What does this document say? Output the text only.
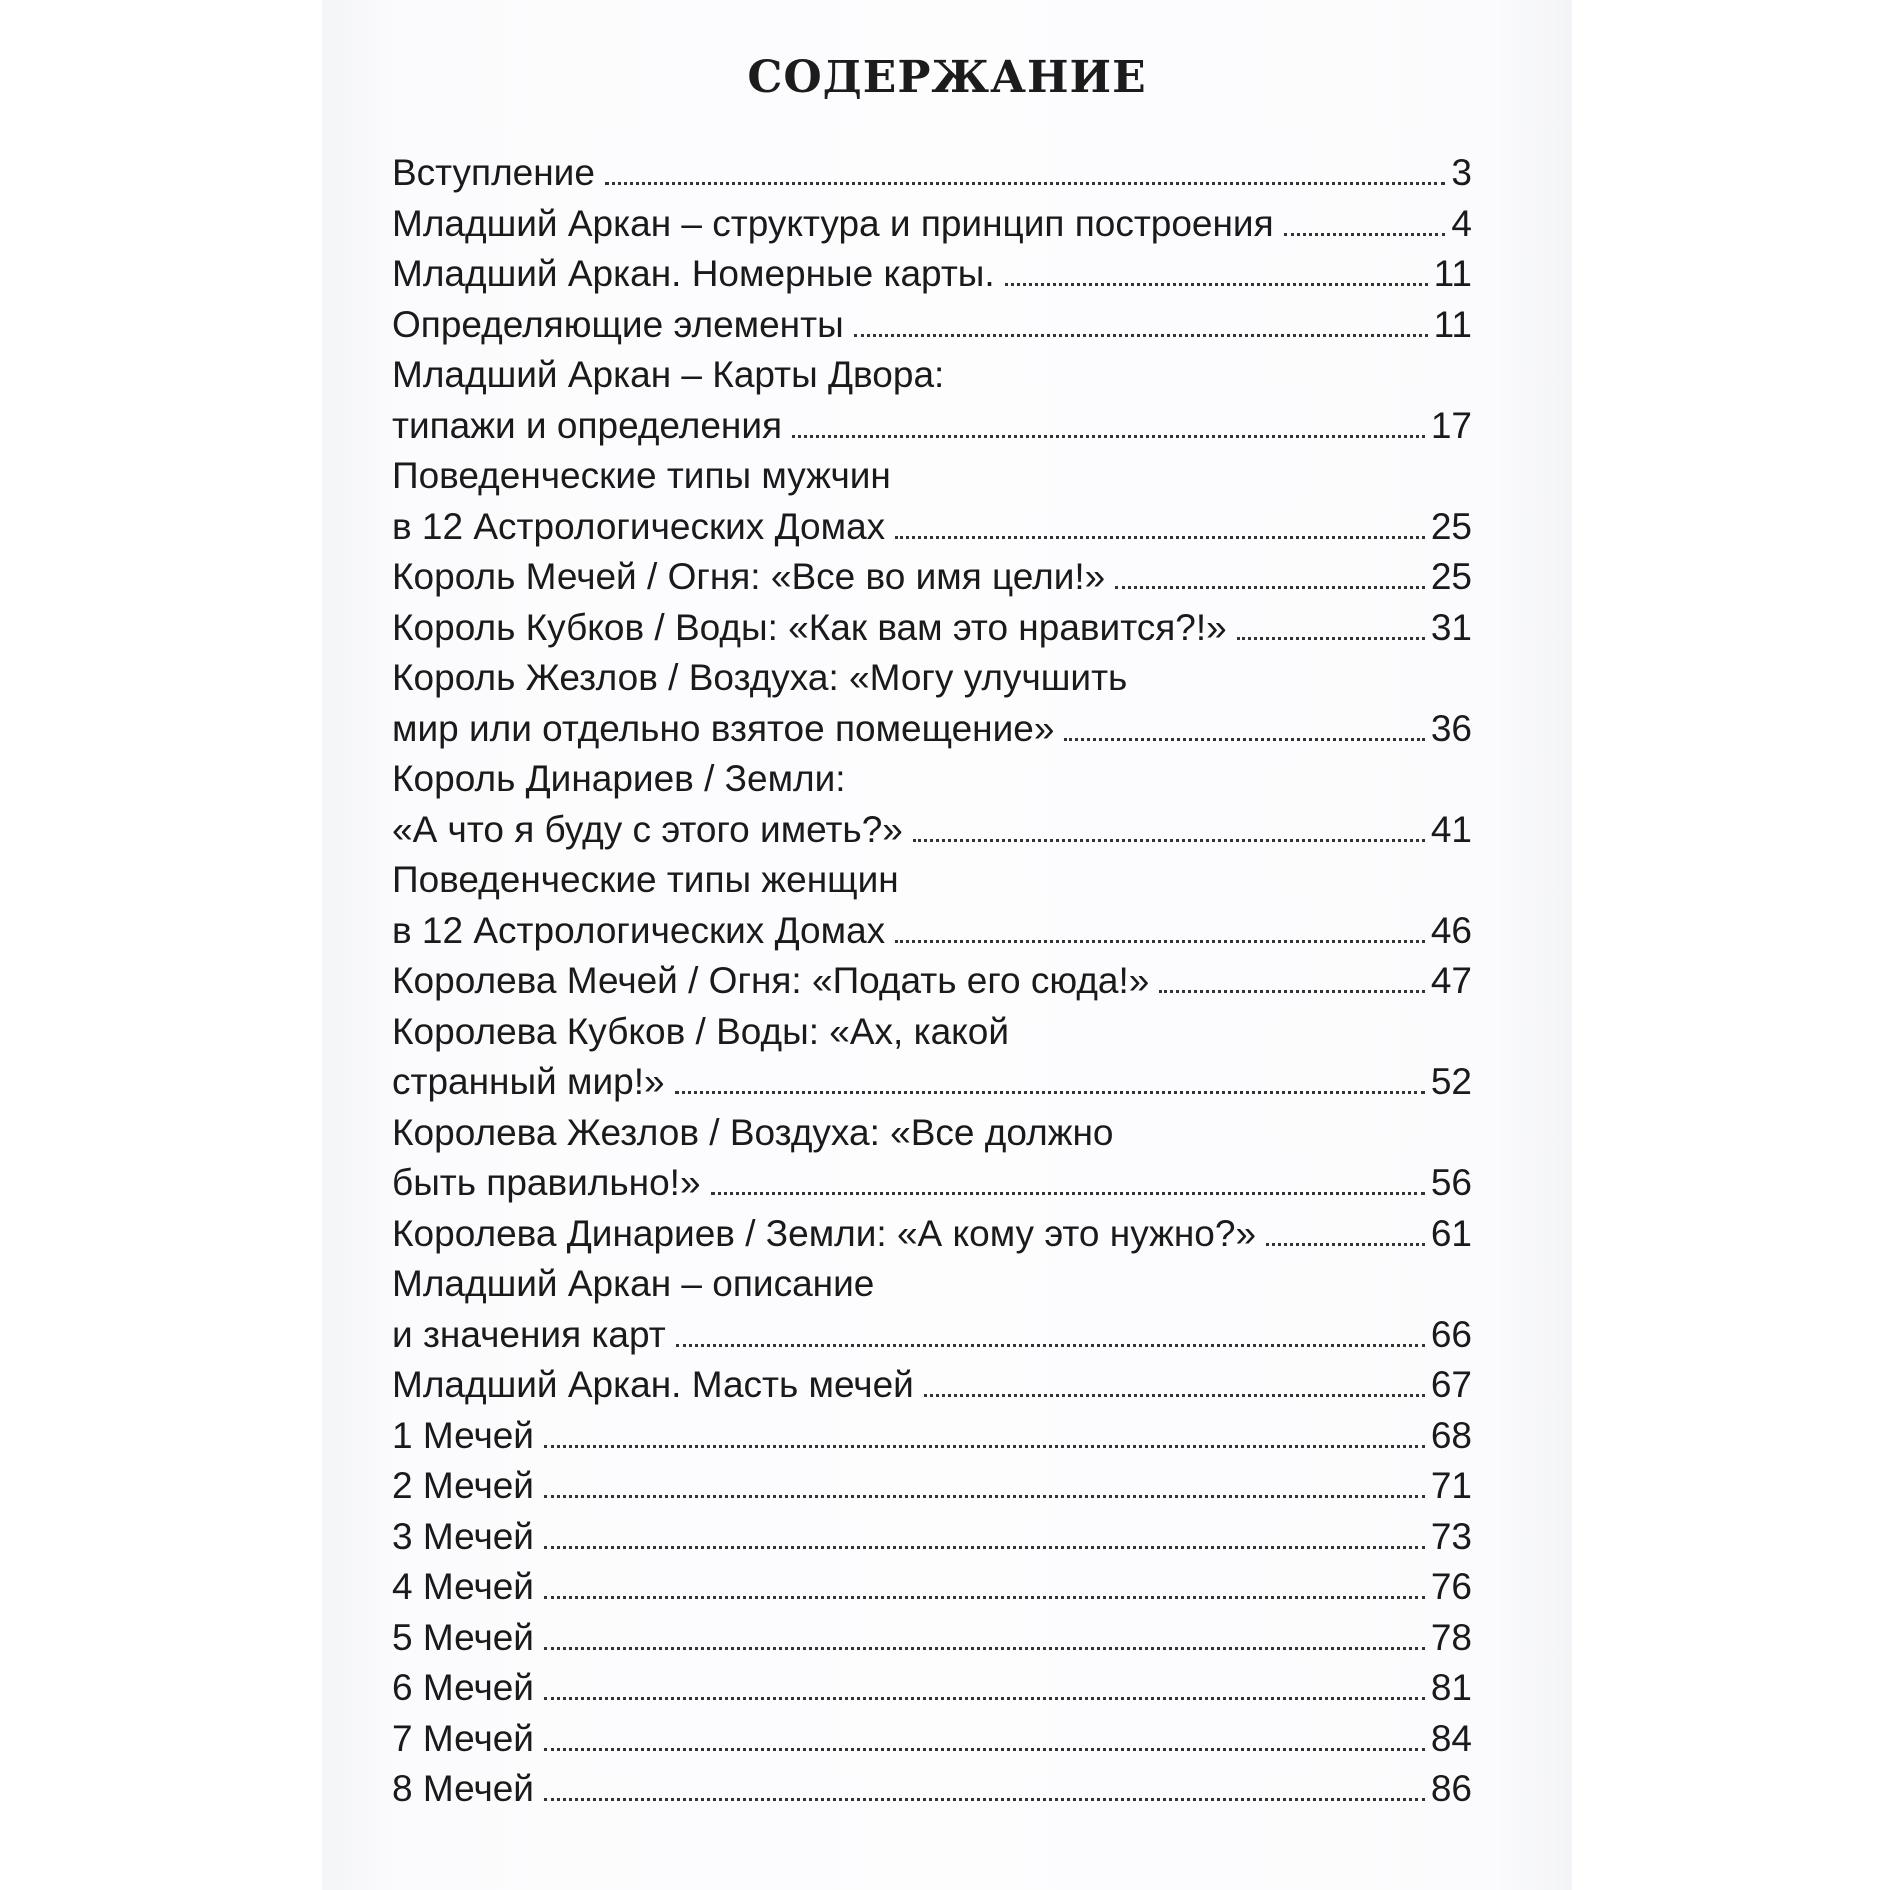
СОДЕРЖАНИЕ
Вступление	3
Младший Аркан – структура и принцип построения	4
Младший Аркан. Номерные карты.	11
Определяющие элементы	11
Младший Аркан – Карты Двора:
типажи и определения	17
Поведенческие типы мужчин
в 12 Астрологических Домах	25
Король Мечей / Огня: «Все во имя цели!»	25
Король Кубков / Воды: «Как вам это нравится?!»	31
Король Жезлов / Воздуха: «Могу улучшить
мир или отдельно взятое помещение»	36
Король Динариев / Земли:
«А что я буду с этого иметь?»	41
Поведенческие типы женщин
в 12 Астрологических Домах	46
Королева Мечей / Огня: «Подать его сюда!»	47
Королева Кубков / Воды: «Ах, какой
странный мир!»	52
Королева Жезлов / Воздуха: «Все должно
быть правильно!»	56
Королева Динариев / Земли: «А кому это нужно?»	61
Младший Аркан – описание
и значения карт	66
Младший Аркан. Масть мечей	67
1 Мечей	68
2 Мечей	71
3 Мечей	73
4 Мечей	76
5 Мечей	78
6 Мечей	81
7 Мечей	84
8 Мечей	86
